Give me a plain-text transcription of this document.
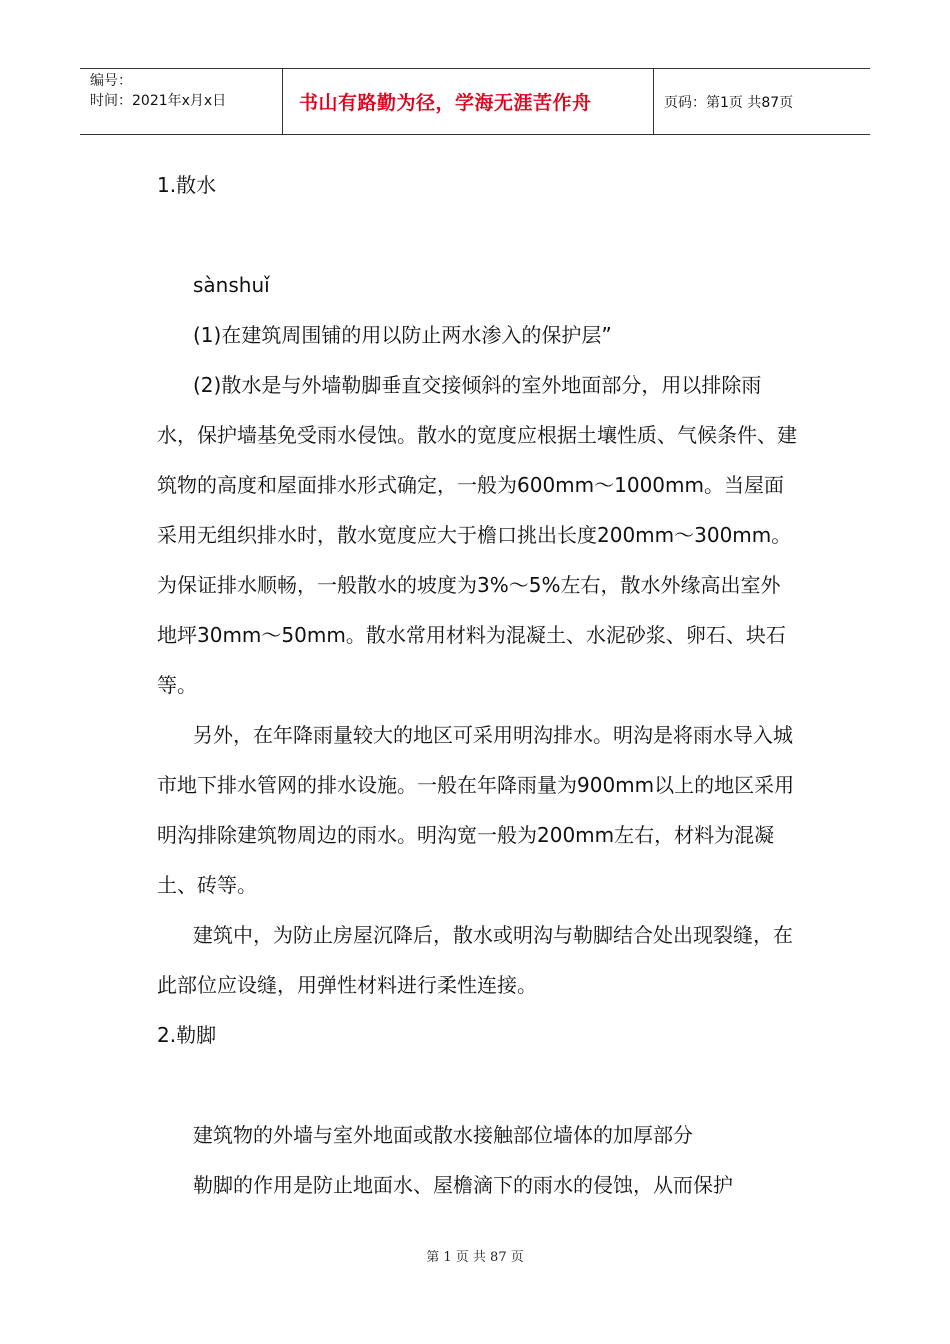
编号：
时间：2021年x月x日	书山有路勤为径，学海无涯苦作舟	页码：第1页 共87页

1.散水

sànshuǐ

(1)在建筑周围铺的用以防止两水渗入的保护层”

(2)散水是与外墙勒脚垂直交接倾斜的室外地面部分，用以排除雨水，保护墙基免受雨水侵蚀。散水的宽度应根据土壤性质、气候条件、建筑物的高度和屋面排水形式确定，一般为600mm～1000mm。当屋面采用无组织排水时，散水宽度应大于檐口挑出长度200mm～300mm。为保证排水顺畅，一般散水的坡度为3%～5%左右，散水外缘高出室外地坪30mm～50mm。散水常用材料为混凝土、水泥砂浆、卵石、块石等。

另外，在年降雨量较大的地区可采用明沟排水。明沟是将雨水导入城市地下排水管网的排水设施。一般在年降雨量为900mm以上的地区采用明沟排除建筑物周边的雨水。明沟宽一般为200mm左右，材料为混凝土、砖等。

建筑中，为防止房屋沉降后，散水或明沟与勒脚结合处出现裂缝，在此部位应设缝，用弹性材料进行柔性连接。

2.勒脚

建筑物的外墙与室外地面或散水接触部位墙体的加厚部分

勒脚的作用是防止地面水、屋檐滴下的雨水的侵蚀，从而保护

第 1 页 共 87 页
